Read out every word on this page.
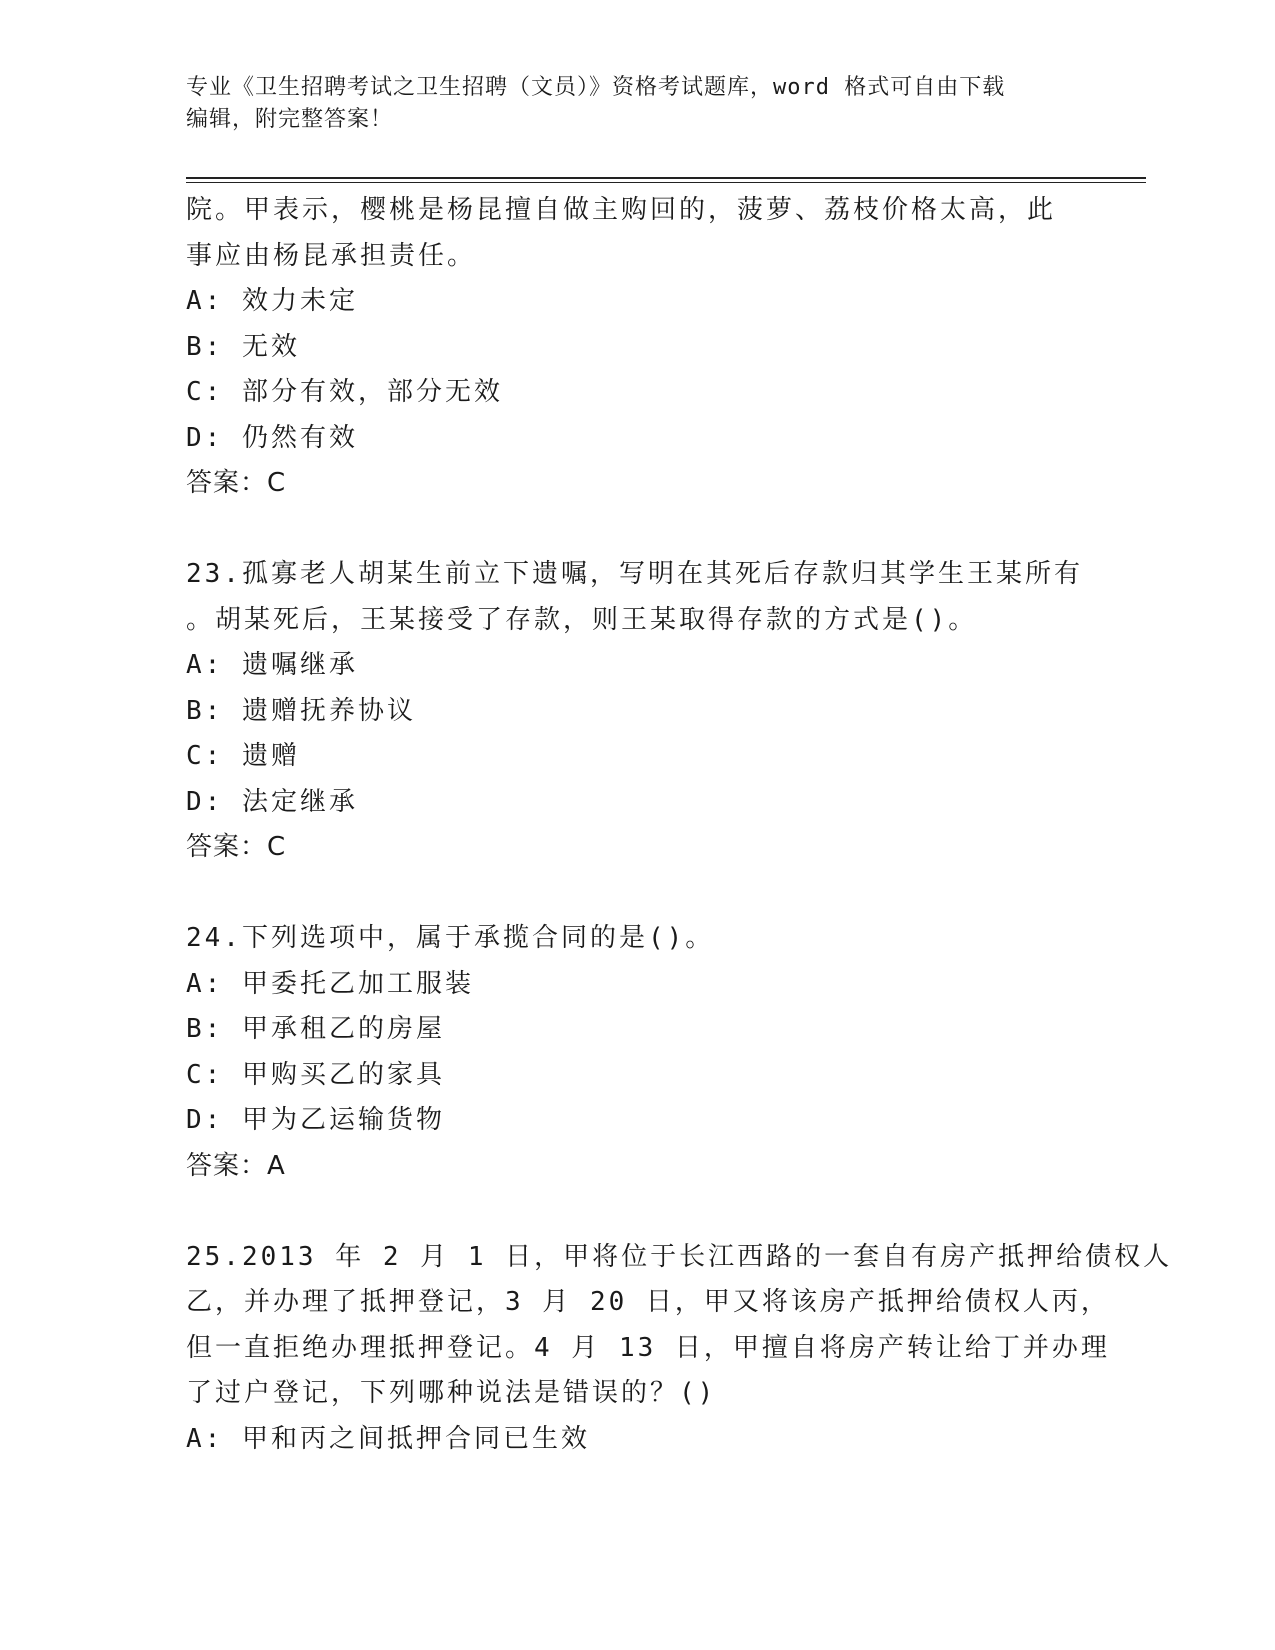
专业《卫生招聘考试之卫生招聘（文员）》资格考试题库，word 格式可自由下载
编辑，附完整答案！
院。甲表示，樱桃是杨昆擅自做主购回的，菠萝、荔枝价格太高，此
事应由杨昆承担责任。
A: 效力未定
B: 无效
C: 部分有效，部分无效
D: 仍然有效
答案：C
23.孤寡老人胡某生前立下遗嘱，写明在其死后存款归其学生王某所有
。胡某死后，王某接受了存款，则王某取得存款的方式是()。
A: 遗嘱继承
B: 遗赠抚养协议
C: 遗赠
D: 法定继承
答案：C
24.下列选项中，属于承揽合同的是()。
A: 甲委托乙加工服装
B: 甲承租乙的房屋
C: 甲购买乙的家具
D: 甲为乙运输货物
答案：A
25.2013 年 2 月 1 日，甲将位于长江西路的一套自有房产抵押给债权人
乙，并办理了抵押登记，3 月 20 日，甲又将该房产抵押给债权人丙，
但一直拒绝办理抵押登记。4 月 13 日，甲擅自将房产转让给丁并办理
了过户登记，下列哪种说法是错误的？()
A: 甲和丙之间抵押合同已生效
